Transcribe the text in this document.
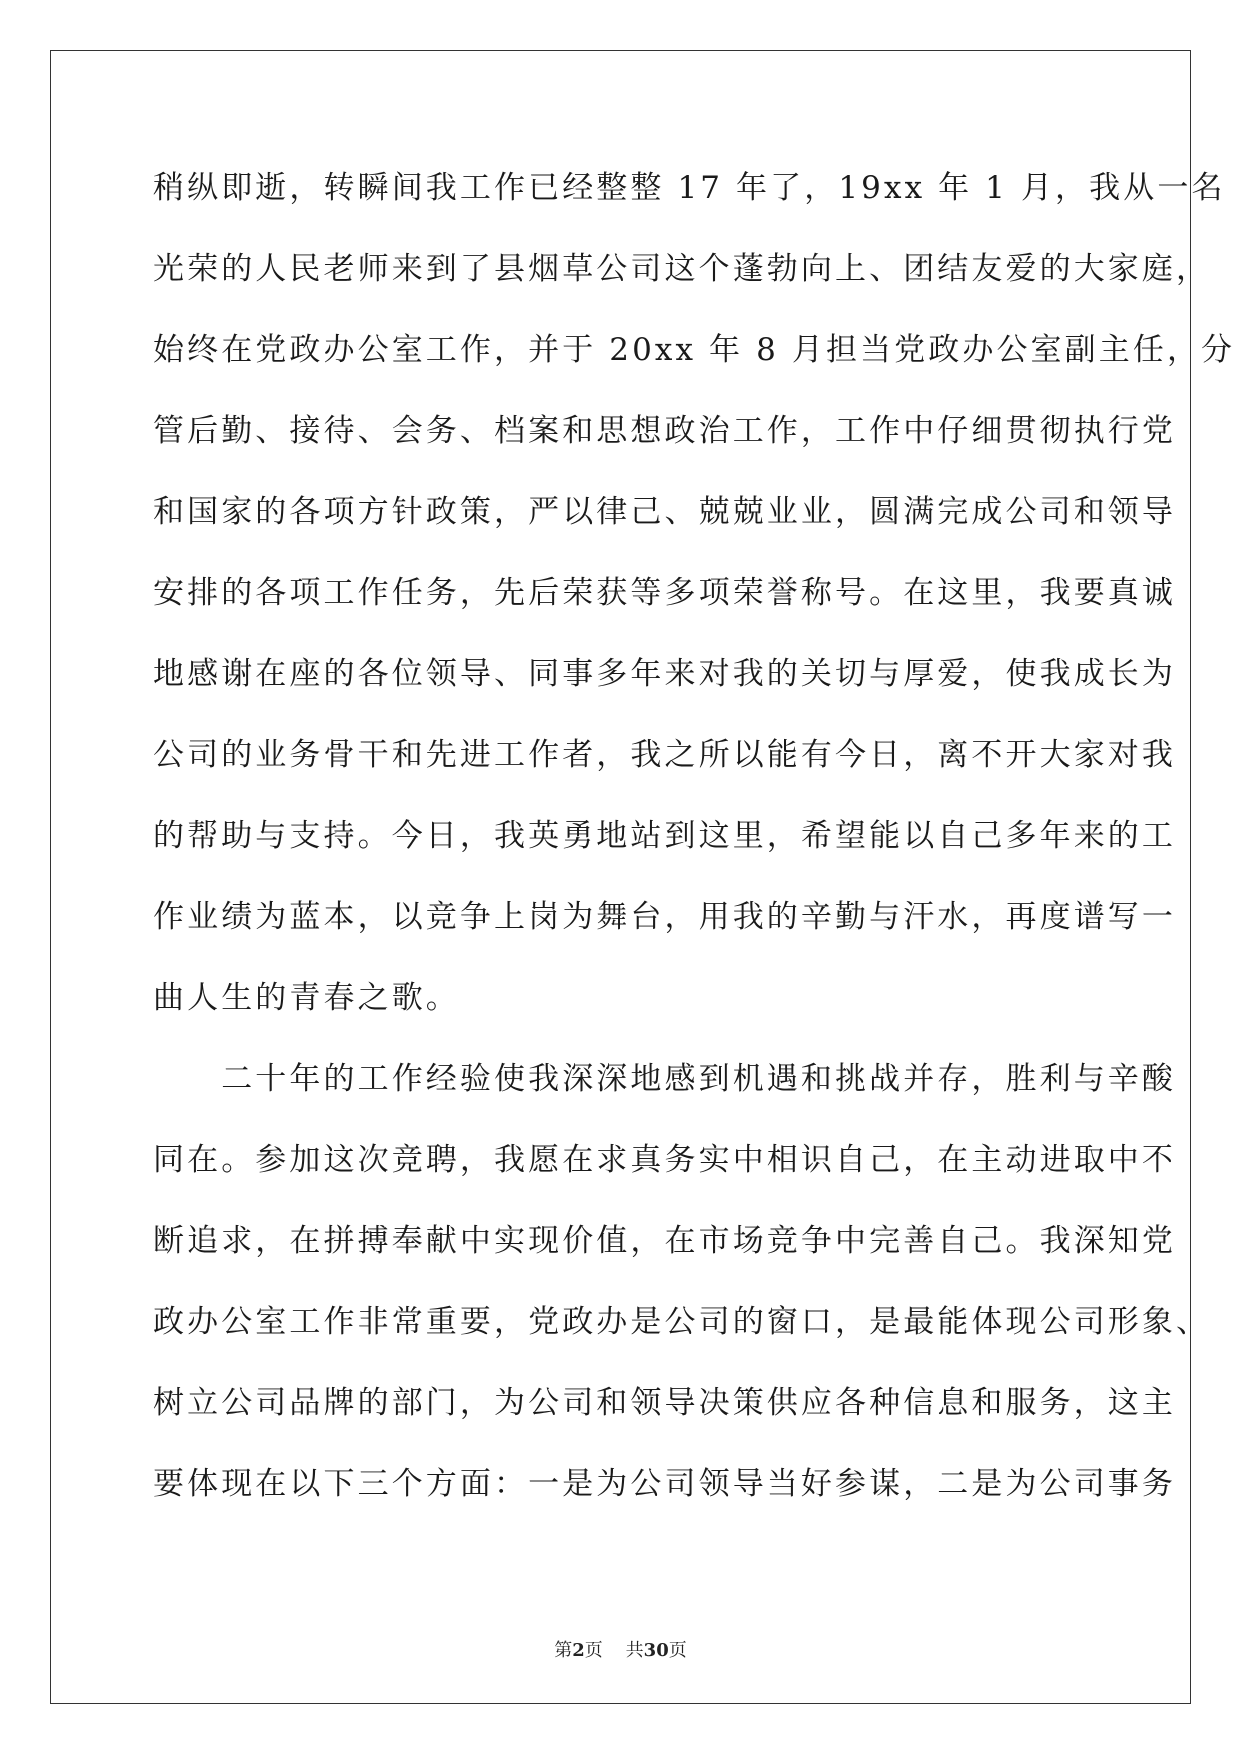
稍纵即逝，转瞬间我工作已经整整 17 年了，19xx 年 1 月，我从一名
光荣的人民老师来到了县烟草公司这个蓬勃向上、团结友爱的大家庭，
始终在党政办公室工作，并于 20xx 年 8 月担当党政办公室副主任，分
管后勤、接待、会务、档案和思想政治工作，工作中仔细贯彻执行党
和国家的各项方针政策，严以律己、兢兢业业，圆满完成公司和领导
安排的各项工作任务，先后荣获等多项荣誉称号。在这里，我要真诚
地感谢在座的各位领导、同事多年来对我的关切与厚爱，使我成长为
公司的业务骨干和先进工作者，我之所以能有今日，离不开大家对我
的帮助与支持。今日，我英勇地站到这里，希望能以自己多年来的工
作业绩为蓝本，以竞争上岗为舞台，用我的辛勤与汗水，再度谱写一
曲人生的青春之歌。
　　二十年的工作经验使我深深地感到机遇和挑战并存，胜利与辛酸
同在。参加这次竞聘，我愿在求真务实中相识自己，在主动进取中不
断追求，在拼搏奉献中实现价值，在市场竞争中完善自己。我深知党
政办公室工作非常重要，党政办是公司的窗口，是最能体现公司形象、
树立公司品牌的部门，为公司和领导决策供应各种信息和服务，这主
要体现在以下三个方面：一是为公司领导当好参谋，二是为公司事务
第2页 共30页
